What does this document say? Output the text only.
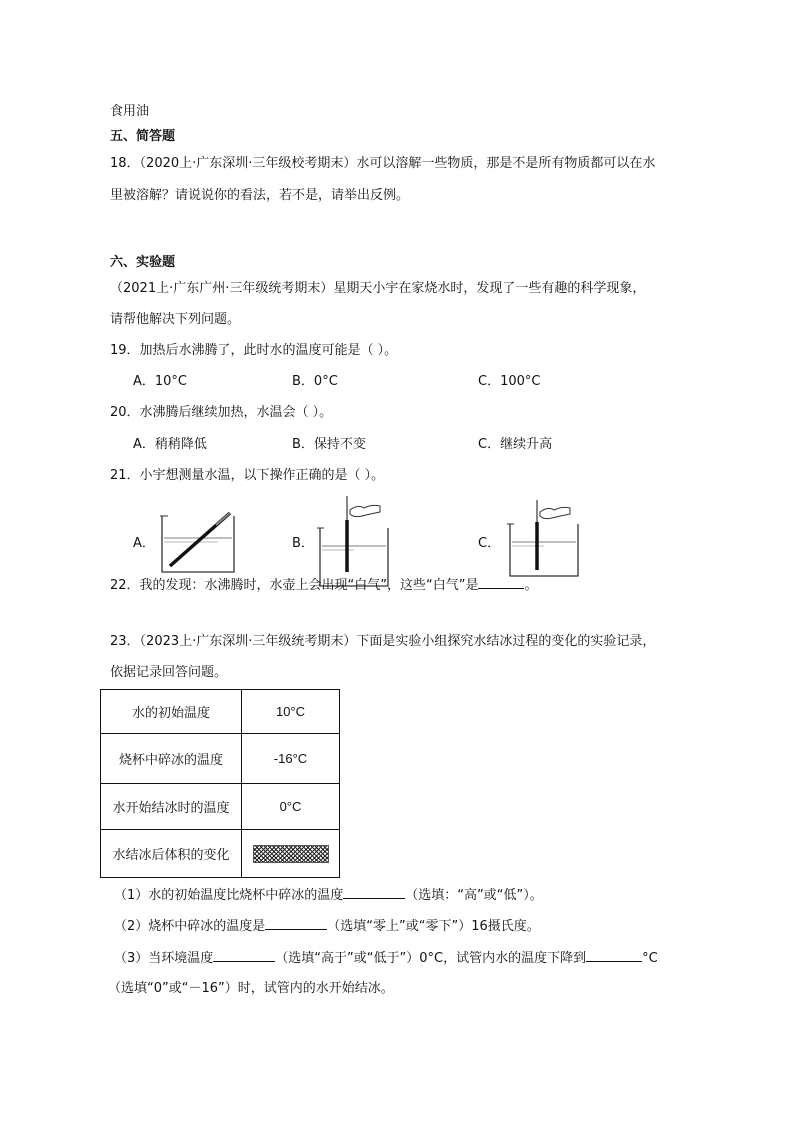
食用油
五、简答题
18．（2020上·广东深圳·三年级校考期末）水可以溶解一些物质，那是不是所有物质都可以在水
里被溶解？请说说你的看法，若不是，请举出反例。
六、实验题
（2021上·广东广州·三年级统考期末）星期天小宇在家烧水时，发现了一些有趣的科学现象，
请帮他解决下列问题。
19．加热后水沸腾了，此时水的温度可能是（ ）。
A．10°C	B．0°C	C．100°C
20．水沸腾后继续加热，水温会（ ）。
A．稍稍降低	B．保持不变	C．继续升高
21．小宇想测量水温，以下操作正确的是（ ）。
A．	B．	C．
22．我的发现：水沸腾时，水壶上会出现“白气”，这些“白气”是	。
23．（2023上·广东深圳·三年级统考期末）下面是实验小组探究水结冰过程的变化的实验记录，
依据记录回答问题。
水的初始温度	10°C
烧杯中碎冰的温度	-16°C
水开始结冰时的温度	0°C
水结冰后体积的变化	
（1）水的初始温度比烧杯中碎冰的温度	（选填：“高”或“低”）。
（2）烧杯中碎冰的温度是	（选填“零上”或“零下”）16摄氏度。
（3）当环境温度	（选填“高于”或“低于”）0°C，试管内水的温度下降到	°C
（选填“0”或“－16”）时，试管内的水开始结冰。
